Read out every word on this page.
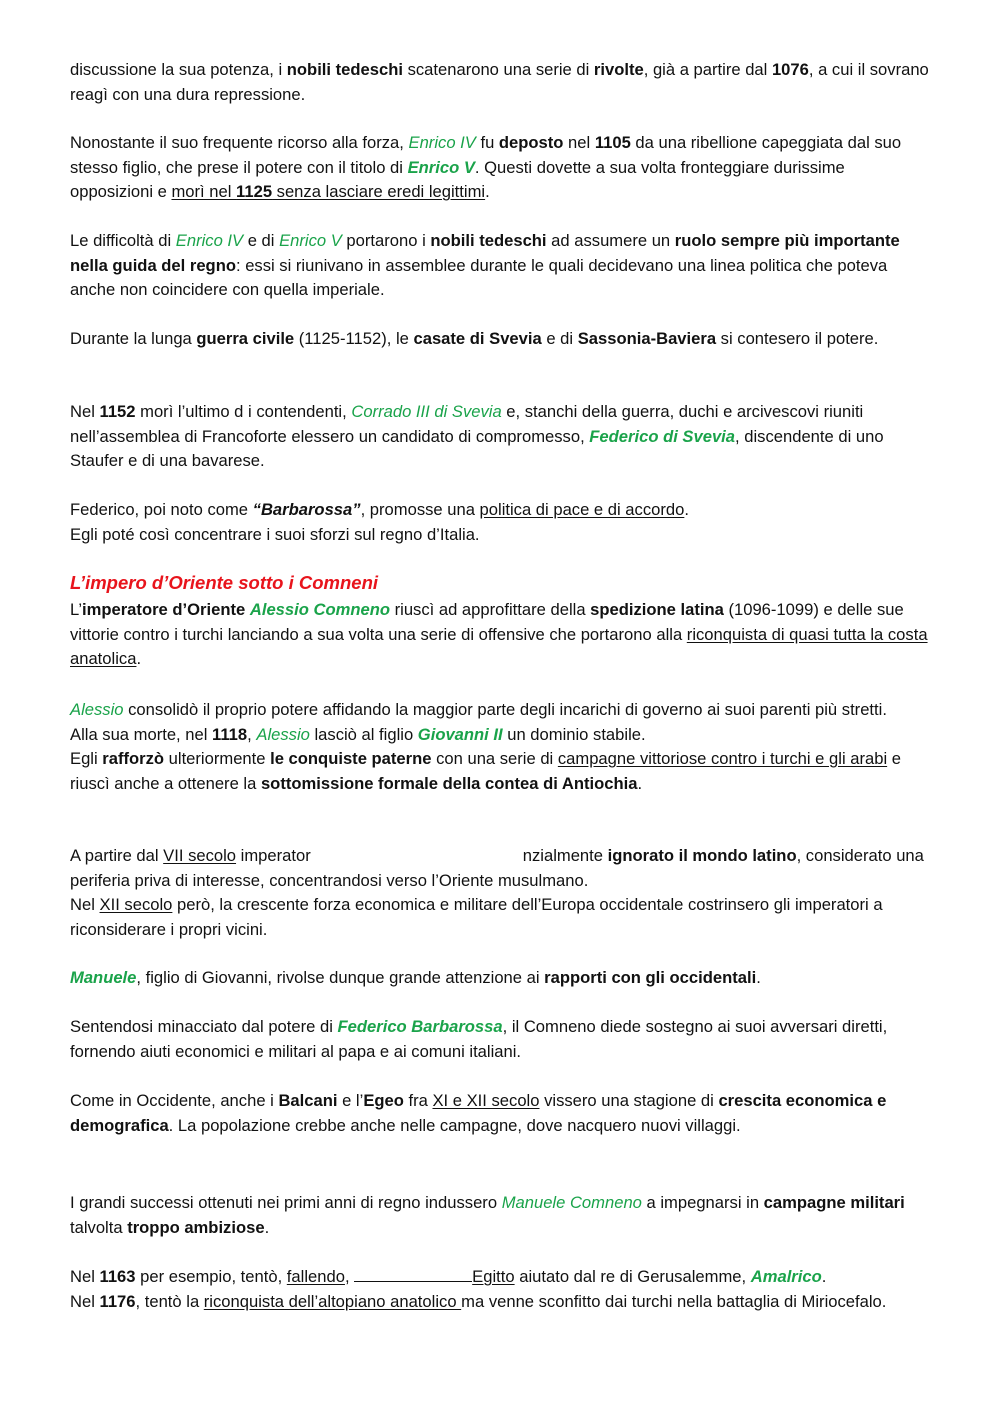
discussione la sua potenza, i nobili tedeschi scatenarono una serie di rivolte, già a partire dal 1076, a cui il sovrano reagì con una dura repressione.

Nonostante il suo frequente ricorso alla forza, Enrico IV fu deposto nel 1105 da una ribellione capeggiata dal suo stesso figlio, che prese il potere con il titolo di Enrico V. Questi dovette a sua volta fronteggiare durissime opposizioni e morì nel 1125 senza lasciare eredi legittimi.

Le difficoltà di Enrico IV e di Enrico V portarono i nobili tedeschi ad assumere un ruolo sempre più importante nella guida del regno: essi si riunivano in assemblee durante le quali decidevano una linea politica che poteva anche non coincidere con quella imperiale.

Durante la lunga guerra civile (1125-1152), le casate di Svevia e di Sassonia-Baviera si contesero il potere.

Nel 1152 morì l’ultimo d i contendenti, Corrado III di Svevia e, stanchi della guerra, duchi e arcivescovi riuniti nell’assemblea di Francoforte elessero un candidato di compromesso, Federico di Svevia, discendente di uno Staufer e di una bavarese.

Federico, poi noto come “Barbarossa”, promosse una politica di pace e di accordo.
Egli poté così concentrare i suoi sforzi sul regno d’Italia.

L’impero d’Oriente sotto i Comneni

L’imperatore d’Oriente Alessio Comneno riuscì ad approfittare della spedizione latina (1096-1099) e delle sue vittorie contro i turchi lanciando a sua volta una serie di offensive che portarono alla riconquista di quasi tutta la costa anatolica.

Alessio consolidò il proprio potere affidando la maggior parte degli incarichi di governo ai suoi parenti più stretti.
Alla sua morte, nel 1118, Alessio lasciò al figlio Giovanni II un dominio stabile.
Egli rafforzò ulteriormente le conquiste paterne con una serie di campagne vittoriose contro i turchi e gli arabi e riuscì anche a ottenere la sottomissione formale della contea di Antiochia.

A partire dal VII secolo imperator	nzialmente ignorato il mondo latino, considerato una periferia priva di interesse, concentrandosi verso l’Oriente musulmano.
Nel XII secolo però, la crescente forza economica e militare dell’Europa occidentale costrinsero gli imperatori a riconsiderare i propri vicini.

Manuele, figlio di Giovanni, rivolse dunque grande attenzione ai rapporti con gli occidentali.

Sentendosi minacciato dal potere di Federico Barbarossa, il Comneno diede sostegno ai suoi avversari diretti, fornendo aiuti economici e militari al papa e ai comuni italiani.

Come in Occidente, anche i Balcani e l’Egeo fra XI e XII secolo vissero una stagione di crescita economica e demografica. La popolazione crebbe anche nelle campagne, dove nacquero nuovi villaggi.

I grandi successi ottenuti nei primi anni di regno indussero Manuele Comneno a impegnarsi in campagne militari talvolta troppo ambiziose.

Nel 1163 per esempio, tentò, fallendo,	Egitto aiutato dal re di Gerusalemme, Amalrico.
Nel 1176, tentò la riconquista dell’altopiano anatolico ma venne sconfitto dai turchi nella battaglia di Miriocefalo.
